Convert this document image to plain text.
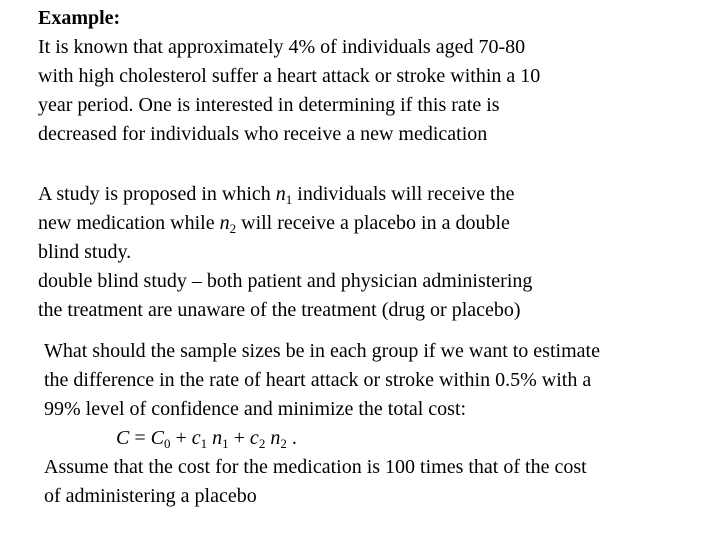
Example:
It is known that approximately 4% of individuals aged 70-80
with high cholesterol suffer a heart attack or stroke within a 10
year period. One is interested in determining if this rate is
decreased for individuals who receive a new medication
A study is proposed in which $n_1$ individuals will receive the
new medication while $n_2$ will receive a placebo in a double
blind study.
double blind study – both patient and physician administering
the treatment are unaware of the treatment (drug or placebo)
What should the sample sizes be in each group if we want to estimate
the difference in the rate of heart attack or stroke within 0.5% with a
99% level of confidence and minimize the total cost:
$C = C_0 + c_1$ $n_1 + c_2$ $n_2$ .
Assume that the cost for the medication is 100 times that of the cost
of administering a placebo
